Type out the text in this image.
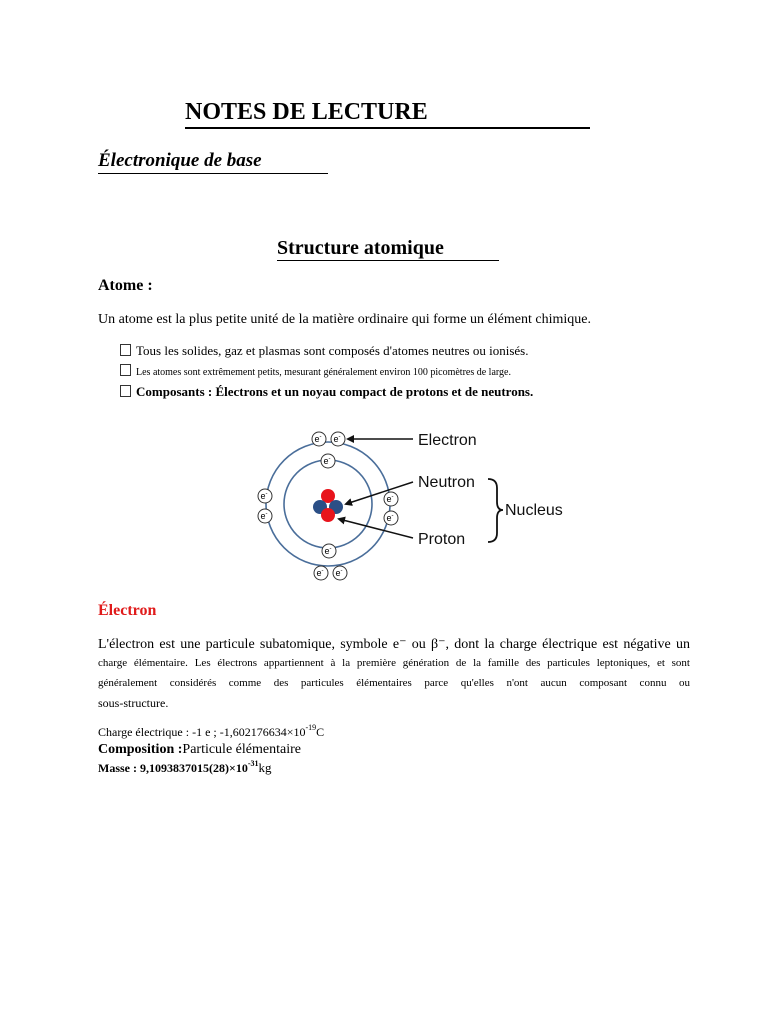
NOTES DE LECTURE
Électronique de base
Structure atomique
Atome :
Un atome est la plus petite unité de la matière ordinaire qui forme un élément chimique.
Tous les solides, gaz et plasmas sont composés d'atomes neutres ou ionisés.
Les atomes sont extrêmement petits, mesurant généralement environ 100 picomètres de large.
Composants : Électrons et un noyau compact de protons et de neutrons.
e- e-
e-
e-
e-
e-
e-
e-
e- e-
Electron
Neutron
Proton
Nucleus
Électron
L'électron est une particule subatomique, symbole e⁻ ou β⁻, dont la charge électrique est négative un
charge élémentaire. Les électrons appartiennent à la première génération de la famille des particules leptoniques, et sont
généralement considérés comme des particules élémentaires parce qu'elles n'ont aucun composant connu ou
sous-structure.
Charge électrique : -1 e ; $-1,602176634\times 10^{-19}C$
Composition :Particule élémentaire
Masse : $9,1093837015(28)\times 10^{-31}kg$
